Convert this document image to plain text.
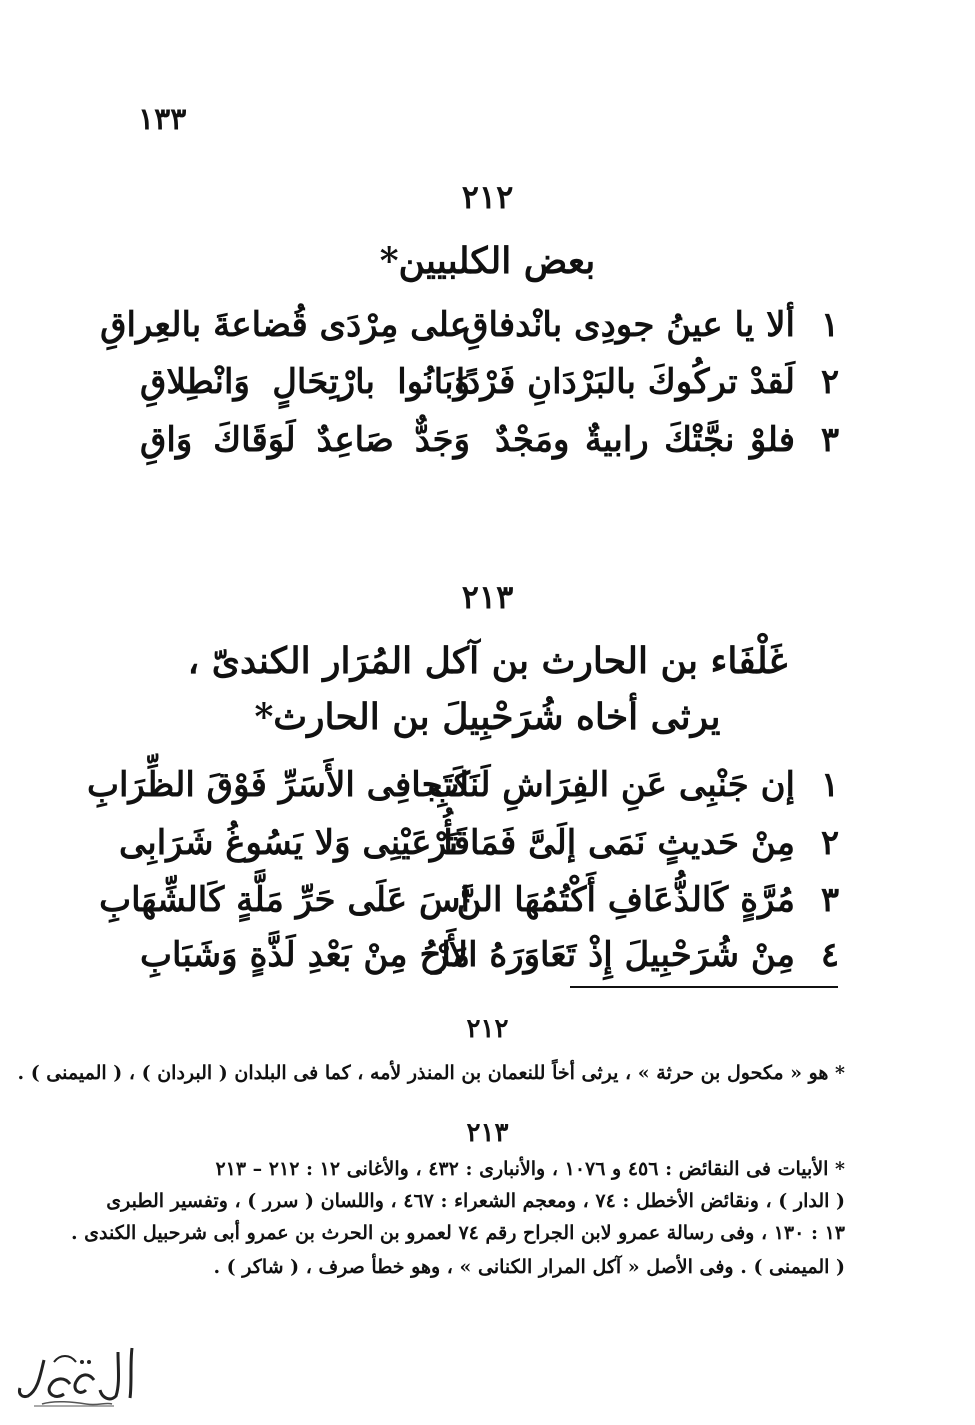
١٣٣
٢١٢
بعض الكلبيين*
١
ألا يا عينُ جودِى بانْدفاقِ
على مِرْدَى قُضاعةَ بالعِراقِ
٢
لَقدْ تركُوكَ بالبَرْدَانِ فَرْدًا
وَبَانُوا بارْتِحَالٍ وَانْطِلاقِ
٣
فلوْ نجَّتْكَ رابيةٌ ومَجْدٌ
وَجَدٌّ صَاعِدٌ لَوَقَاكَ وَاقِ
٢١٣
غَلْفَاء بن الحارث بن آكل المُرَار الكندىّ ،
يرثى أخاه شُرَحْبِيلَ بن الحارث*
١
إن جَنْبِى عَنِ الفِرَاشِ لَنَابِ
كَتَجافِى الأَسَرِّ فَوْقَ الظِّرَابِ
٢
مِنْ حَديثٍ نَمَى إلَىَّ فَمَا تَرْ
قَأُ عَيْنِى وَلا يَسُوغُ شَرَابِى
٣
مُرَّةٍ كَالذُّعَافِ أَكْتُمُهَا النَّ
اسَ عَلَى حَرِّ مَلَّةٍ كَالشِّهَابِ
٤
مِنْ شُرَحْبِيلَ إِذْ تَعَاوَرَهُ الأَرْ
مَاحُ مِنْ بَعْدِ لَذَّةٍ وَشَبَابِ
٢١٢
* هو « مكحول بن حرثة » ، يرثى أخاً للنعمان بن المنذر لأمه ، كما فى البلدان ( البردان ) ، ( الميمنى ) .
٢١٣
* الأبيات فى النقائض : ٤٥٦ و ١٠٧٦ ، والأنبارى : ٤٣٢ ، والأغانى ١٢ : ٢١٢ – ٢١٣
( الدار ) ، ونقائض الأخطل : ٧٤ ، ومعجم الشعراء : ٤٦٧ ، واللسان ( سرر ) ، وتفسير الطبرى
١٣ : ١٣٠ ، وفى رسالة عمرو لابن الجراح رقم ٧٤ لعمرو بن الحرث بن عمرو أبى شرحبيل الكندى .
( الميمنى ) . وفى الأصل « آكل المرار الكنانى » ، وهو خطأ صرف ، ( شاكر ) .
